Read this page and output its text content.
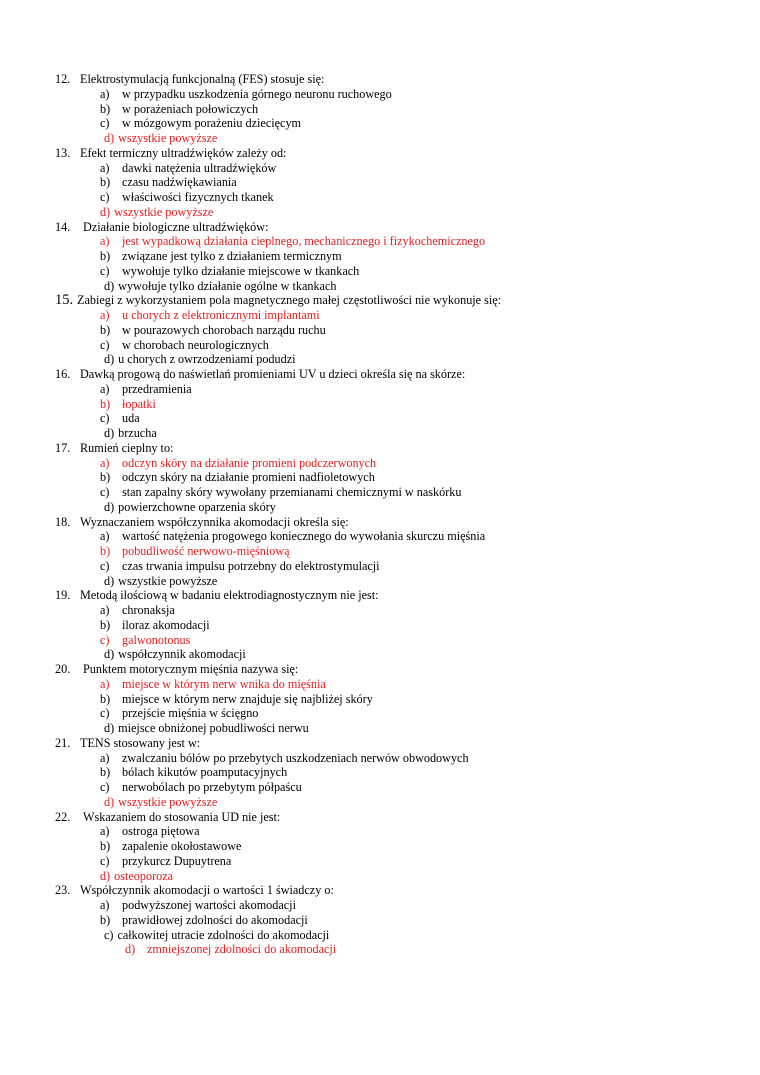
12. Elektrostymulacją funkcjonalną (FES) stosuje się:
a) w przypadku uszkodzenia górnego neuronu ruchowego
b) w porażeniach połowiczych
c) w mózgowym porażeniu dziecięcym
d) wszystkie powyższe
13. Efekt termiczny ultradźwięków zależy od:
a) dawki natężenia ultradźwięków
b) czasu nadźwiękawiania
c) właściwości fizycznych tkanek
d) wszystkie powyższe
14. Działanie biologiczne ultradźwięków:
a) jest wypadkową działania cieplnego, mechanicznego i fizykochemicznego
b) związane jest tylko z działaniem termicznym
c) wywołuje tylko działanie miejscowe w tkankach
d) wywołuje tylko działanie ogólne w tkankach
15. Zabiegi z wykorzystaniem pola magnetycznego małej częstotliwości nie wykonuje się:
a) u chorych z elektronicznymi implantami
b) w pourazowych chorobach narządu ruchu
c) w chorobach neurologicznych
d) u chorych z owrzodzeniami podudzi
16. Dawką progową do naświetlań promieniami UV u dzieci określa się na skórze:
a) przedramienia
b) łopatki
c) uda
d) brzucha
17. Rumień cieplny to:
a) odczyn skóry na działanie promieni podczerwonych
b) odczyn skóry na działanie promieni nadfioletowych
c) stan zapalny skóry wywołany przemianami chemicznymi w naskórku
d) powierzchowne oparzenia skóry
18. Wyznaczaniem współczynnika akomodacji określa się:
a) wartość natężenia progowego koniecznego do wywołania skurczu mięśnia
b) pobudliwość nerwowo-mięśniową
c) czas trwania impulsu potrzebny do elektrostymulacji
d) wszystkie powyższe
19. Metodą ilościową w badaniu elektrodiagnostycznym nie jest:
a) chronaksja
b) iloraz akomodacji
c) galwonotonus
d) współczynnik akomodacji
20. Punktem motorycznym mięśnia nazywa się:
a) miejsce w którym nerw wnika do mięśnia
b) miejsce w którym nerw znajduje się najbliżej skóry
c) przejście mięśnia w ścięgno
d) miejsce obniżonej pobudliwości nerwu
21. TENS stosowany jest w:
a) zwalczaniu bólów po przebytych uszkodzeniach nerwów obwodowych
b) bólach kikutów poamputacyjnych
c) nerwobólach po przebytym półpaścu
d) wszystkie powyższe
22. Wskazaniem do stosowania UD nie jest:
a) ostroga piętowa
b) zapalenie okołostawowe
c) przykurcz Dupuytrena
d) osteoporoza
23. Współczynnik akomodacji o wartości 1 świadczy o:
a) podwyższonej wartości akomodacji
b) prawidłowej zdolności do akomodacji
c) całkowitej utracie zdolności do akomodacji
d) zmniejszonej zdolności do akomodacji
